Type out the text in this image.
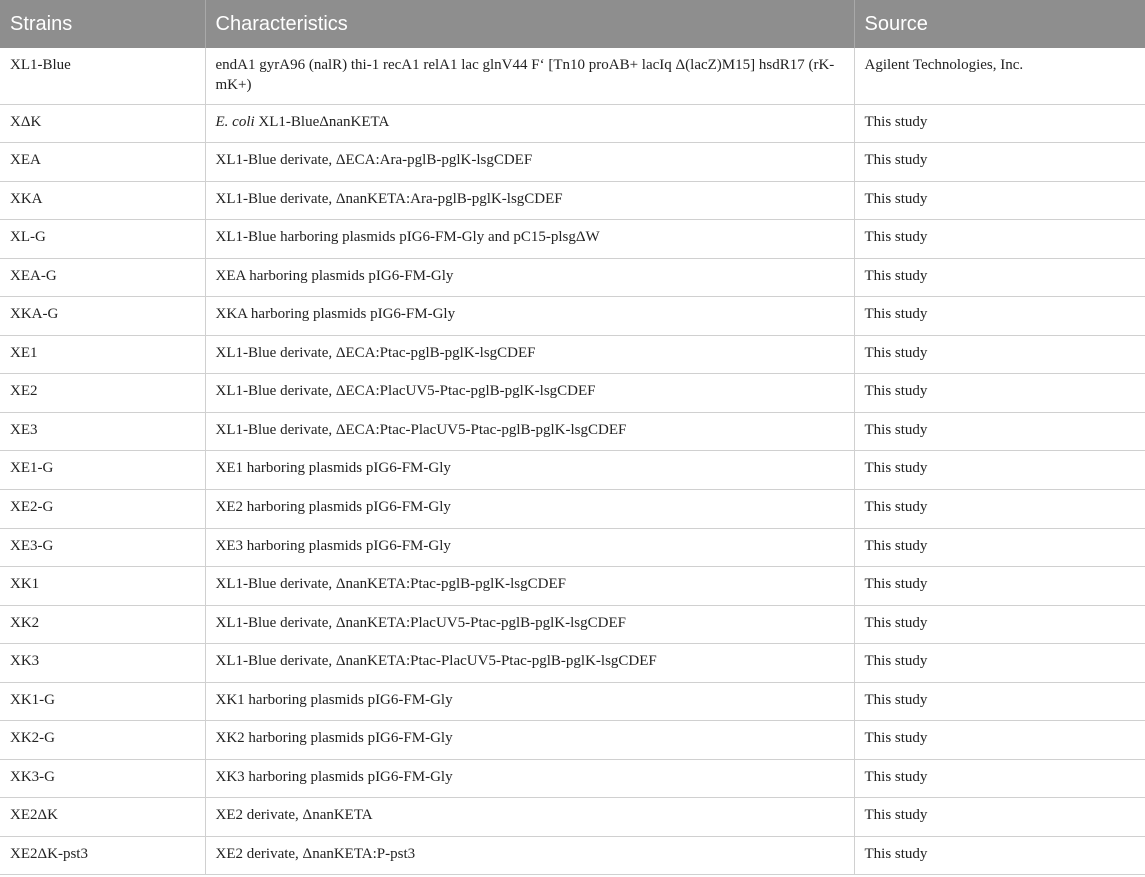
Strains	Characteristics	Source
XL1-Blue	endA1 gyrA96 (nalR) thi-1 recA1 relA1 lac glnV44 F‘ [Tn10 proAB+ lacIq Δ(lacZ)M15] hsdR17 (rK- mK+)	Agilent Technologies, Inc.
XΔK	E. coli XL1-BlueΔnanKETA	This study
XEA	XL1-Blue derivate, ΔECA:Ara-pglB-pglK-lsgCDEF	This study
XKA	XL1-Blue derivate, ΔnanKETA:Ara-pglB-pglK-lsgCDEF	This study
XL-G	XL1-Blue harboring plasmids pIG6-FM-Gly and pC15-plsgΔW	This study
XEA-G	XEA harboring plasmids pIG6-FM-Gly	This study
XKA-G	XKA harboring plasmids pIG6-FM-Gly	This study
XE1	XL1-Blue derivate, ΔECA:Ptac-pglB-pglK-lsgCDEF	This study
XE2	XL1-Blue derivate, ΔECA:PlacUV5-Ptac-pglB-pglK-lsgCDEF	This study
XE3	XL1-Blue derivate, ΔECA:Ptac-PlacUV5-Ptac-pglB-pglK-lsgCDEF	This study
XE1-G	XE1 harboring plasmids pIG6-FM-Gly	This study
XE2-G	XE2 harboring plasmids pIG6-FM-Gly	This study
XE3-G	XE3 harboring plasmids pIG6-FM-Gly	This study
XK1	XL1-Blue derivate, ΔnanKETA:Ptac-pglB-pglK-lsgCDEF	This study
XK2	XL1-Blue derivate, ΔnanKETA:PlacUV5-Ptac-pglB-pglK-lsgCDEF	This study
XK3	XL1-Blue derivate, ΔnanKETA:Ptac-PlacUV5-Ptac-pglB-pglK-lsgCDEF	This study
XK1-G	XK1 harboring plasmids pIG6-FM-Gly	This study
XK2-G	XK2 harboring plasmids pIG6-FM-Gly	This study
XK3-G	XK3 harboring plasmids pIG6-FM-Gly	This study
XE2ΔK	XE2 derivate, ΔnanKETA	This study
XE2ΔK-pst3	XE2 derivate, ΔnanKETA:P-pst3	This study
